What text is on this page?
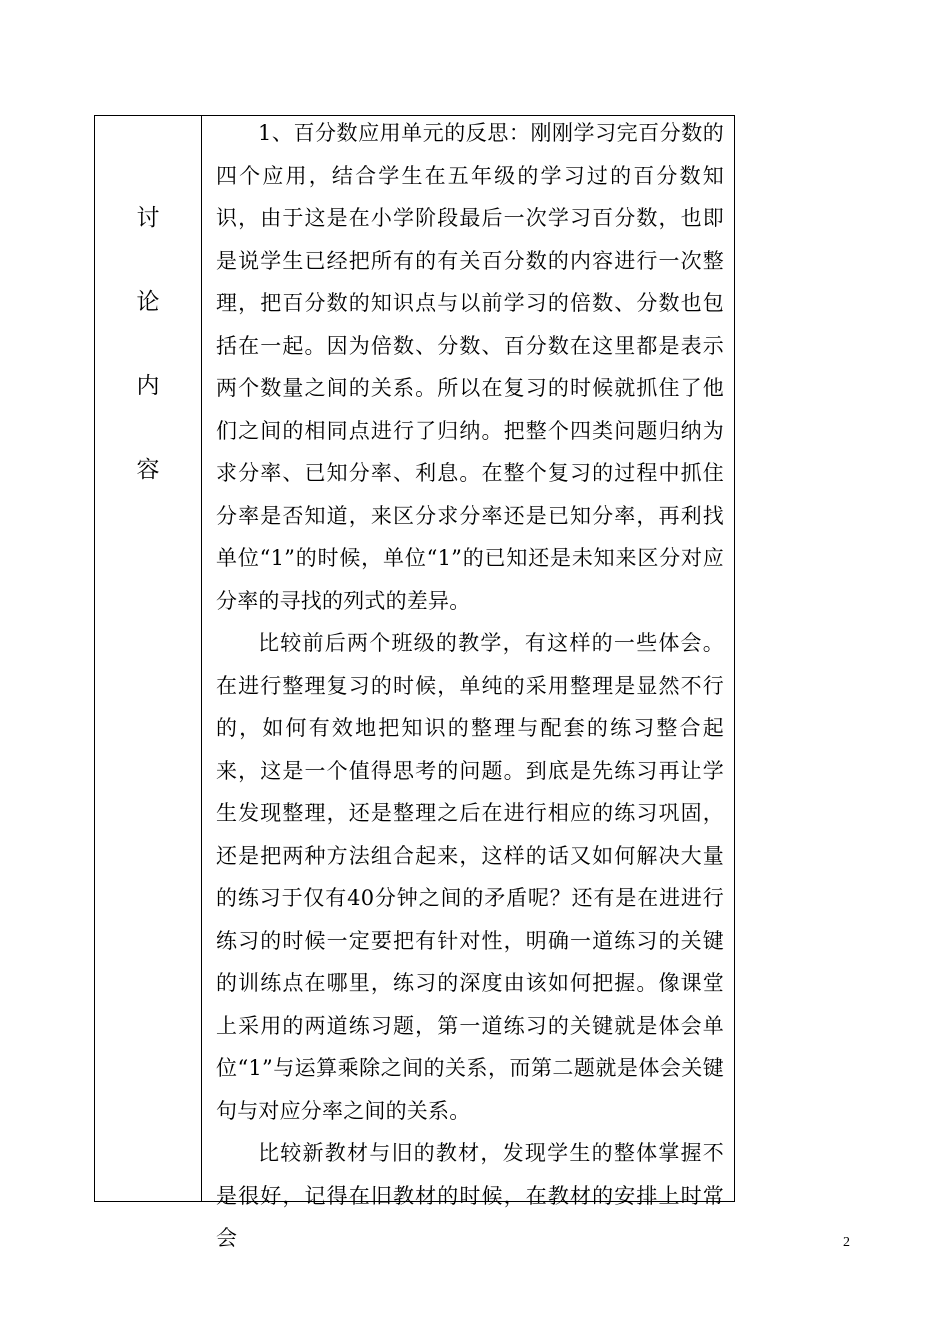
讨
论
内
容

1、百分数应用单元的反思：刚刚学习完百分数的四个应用，结合学生在五年级的学习过的百分数知识，由于这是在小学阶段最后一次学习百分数，也即是说学生已经把所有的有关百分数的内容进行一次整理，把百分数的知识点与以前学习的倍数、分数也包括在一起。因为倍数、分数、百分数在这里都是表示两个数量之间的关系。所以在复习的时候就抓住了他们之间的相同点进行了归纳。把整个四类问题归纳为求分率、已知分率、利息。在整个复习的过程中抓住分率是否知道，来区分求分率还是已知分率，再利找单位“1”的时候，单位“1”的已知还是未知来区分对应分率的寻找的列式的差异。

比较前后两个班级的教学，有这样的一些体会。在进行整理复习的时候，单纯的采用整理是显然不行的，如何有效地把知识的整理与配套的练习整合起来，这是一个值得思考的问题。到底是先练习再让学生发现整理，还是整理之后在进行相应的练习巩固，还是把两种方法组合起来，这样的话又如何解决大量的练习于仅有40分钟之间的矛盾呢？还有是在进进行练习的时候一定要把有针对性，明确一道练习的关键的训练点在哪里，练习的深度由该如何把握。像课堂上采用的两道练习题，第一道练习的关键就是体会单位“1”与运算乘除之间的关系，而第二题就是体会关键句与对应分率之间的关系。

比较新教材与旧的教材，发现学生的整体掌握不是很好，记得在旧教材的时候，在教材的安排上时常会	2
